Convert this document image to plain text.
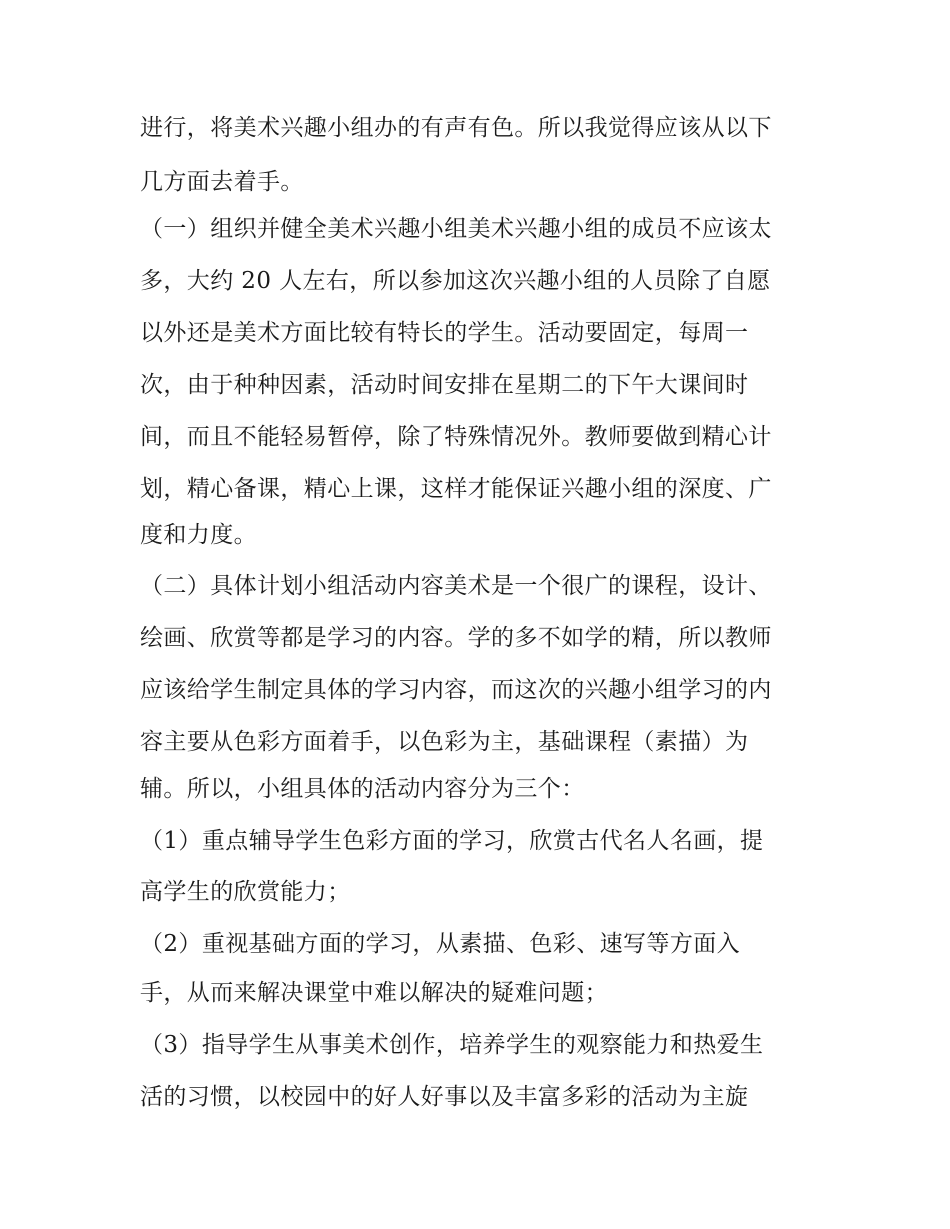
进行，将美术兴趣小组办的有声有色。所以我觉得应该从以下
几方面去着手。
（一）组织并健全美术兴趣小组美术兴趣小组的成员不应该太
多，大约 20 人左右，所以参加这次兴趣小组的人员除了自愿
以外还是美术方面比较有特长的学生。活动要固定，每周一
次，由于种种因素，活动时间安排在星期二的下午大课间时
间，而且不能轻易暂停，除了特殊情况外。教师要做到精心计
划，精心备课，精心上课，这样才能保证兴趣小组的深度、广
度和力度。
（二）具体计划小组活动内容美术是一个很广的课程，设计、
绘画、欣赏等都是学习的内容。学的多不如学的精，所以教师
应该给学生制定具体的学习内容，而这次的兴趣小组学习的内
容主要从色彩方面着手，以色彩为主，基础课程（素描）为
辅。所以，小组具体的活动内容分为三个：
（1）重点辅导学生色彩方面的学习，欣赏古代名人名画，提
高学生的欣赏能力；
（2）重视基础方面的学习，从素描、色彩、速写等方面入
手，从而来解决课堂中难以解决的疑难问题；
（3）指导学生从事美术创作，培养学生的观察能力和热爱生
活的习惯，以校园中的好人好事以及丰富多彩的活动为主旋
